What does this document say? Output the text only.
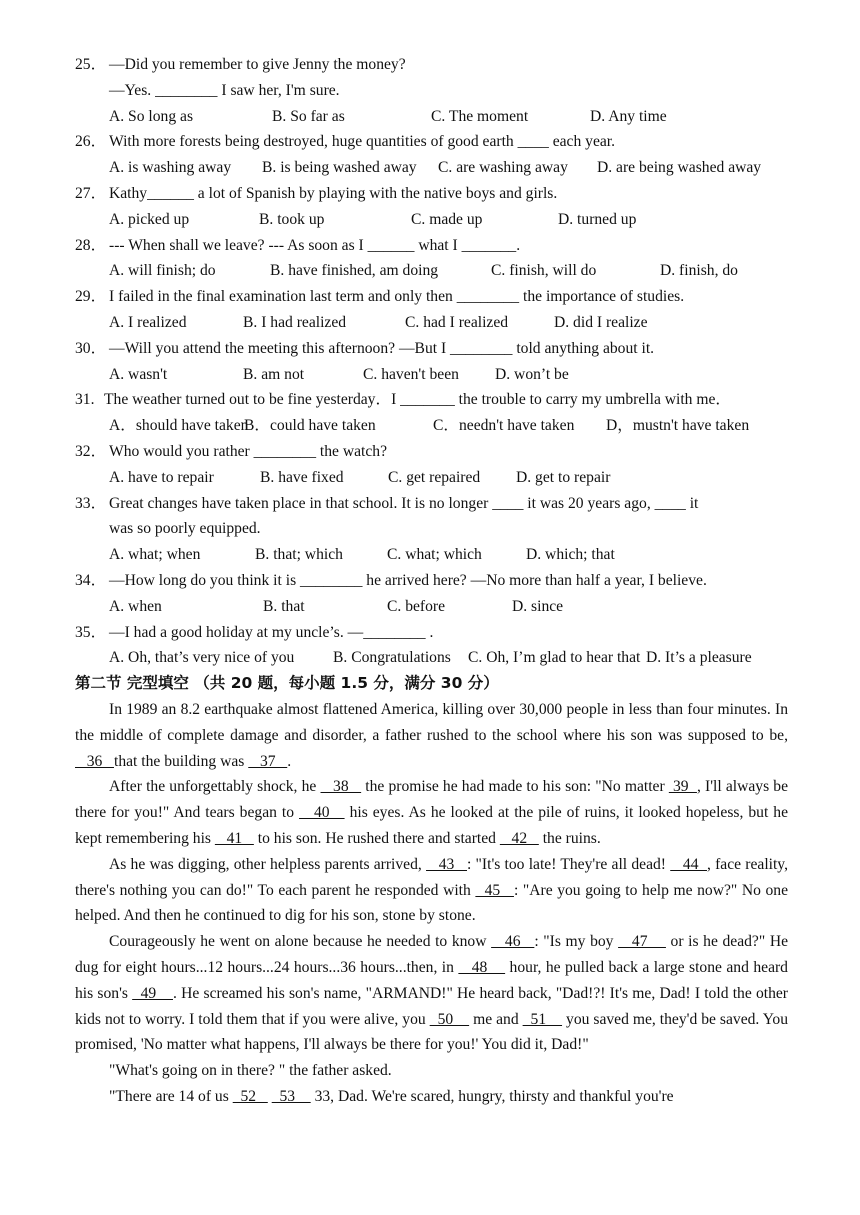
25． —Did you remember to give Jenny the money?
—Yes. ________ I saw her, I'm sure.
A. So long as	B. So far as	C. The moment	D. Any time
26． With more forests being destroyed, huge quantities of good earth ____ each year.
A. is washing away B. is being washed away C. are washing away D. are being washed away
27． Kathy______ a lot of Spanish by playing with the native boys and girls.
A. picked up	B. took up	C. made up	D. turned up
28． --- When shall we leave? --- As soon as I ______ what I _______.
A. will finish; do	B. have finished, am doing	C. finish, will do	D. finish, do
29． I failed in the final examination last term and only then ________ the importance of studies.
A. I realized	B. I had realized	C. had I realized	D. did I realize
30． —Will you attend the meeting this afternoon? —But I ________ told anything about it.
A. wasn't	B. am not	C. haven't been D. won’t be
31. The weather turned out to be fine yesterday．I _______ the trouble to carry my umbrella with me．
A．should have taken
B．could have taken	C．needn't have taken D，mustn't have taken
32． Who would you rather ________ the watch?
A. have to repair	B. have fixed	C. get repaired D. get to repair
33． Great changes have taken place in that school. It is no longer ____ it was 20 years ago, ____ it
was so poorly equipped.
A. what; when	B. that; which	C. what; which	D. which; that
34． —How long do you think it is ________ he arrived here? —No more than half a year, I believe.
A. when	B. that	C. before	D. since
35． —I had a good holiday at my uncle’s. —________ .
A. Oh, that’s very nice of you B. Congratulations C. Oh, I’m glad to hear that D. It’s a pleasure
第二节 完型填空 （共 20 题，每小题 1.5 分，满分 30 分）

In 1989 an 8.2 earthquake almost flattened America, killing over 30,000 people in less than four minutes. In the middle of complete damage and disorder, a father rushed to the school where his son was supposed to be,    36   that the building was    37   .

After the unforgettably shock, he    38    the promise he had made to his son: "No matter  39  , I'll always be there for you!" And tears began to    40    his eyes. As he looked at the pile of ruins, it looked hopeless, but he kept remembering his    41    to his son. He rushed there and started    42    the ruins.

As he was digging, other helpless parents arrived,    43   : "It's too late! They're all dead!    44  , face reality, there's nothing you can do!" To each parent he responded with   45   : "Are you going to help me now?" No one helped. And then he continued to dig for his son, stone by stone.

Courageously he went on alone because he needed to know    46   : "Is my boy    47     or is he dead?" He dug for eight hours...12 hours...24 hours...36 hours...then, in    48     hour, he pulled back a large stone and heard his son's   49    . He screamed his son's name, "ARMAND!" He heard back, "Dad!?! It's me, Dad! I told the other kids not to worry. I told them that if you were alive, you   50     me and   51     you saved me, they'd be saved. You promised, 'No matter what happens, I'll always be there for you!' You did it, Dad!"

"What's going on in there? " the father asked.

"There are 14 of us   52      53     33, Dad. We're scared, hungry, thirsty and thankful you're
